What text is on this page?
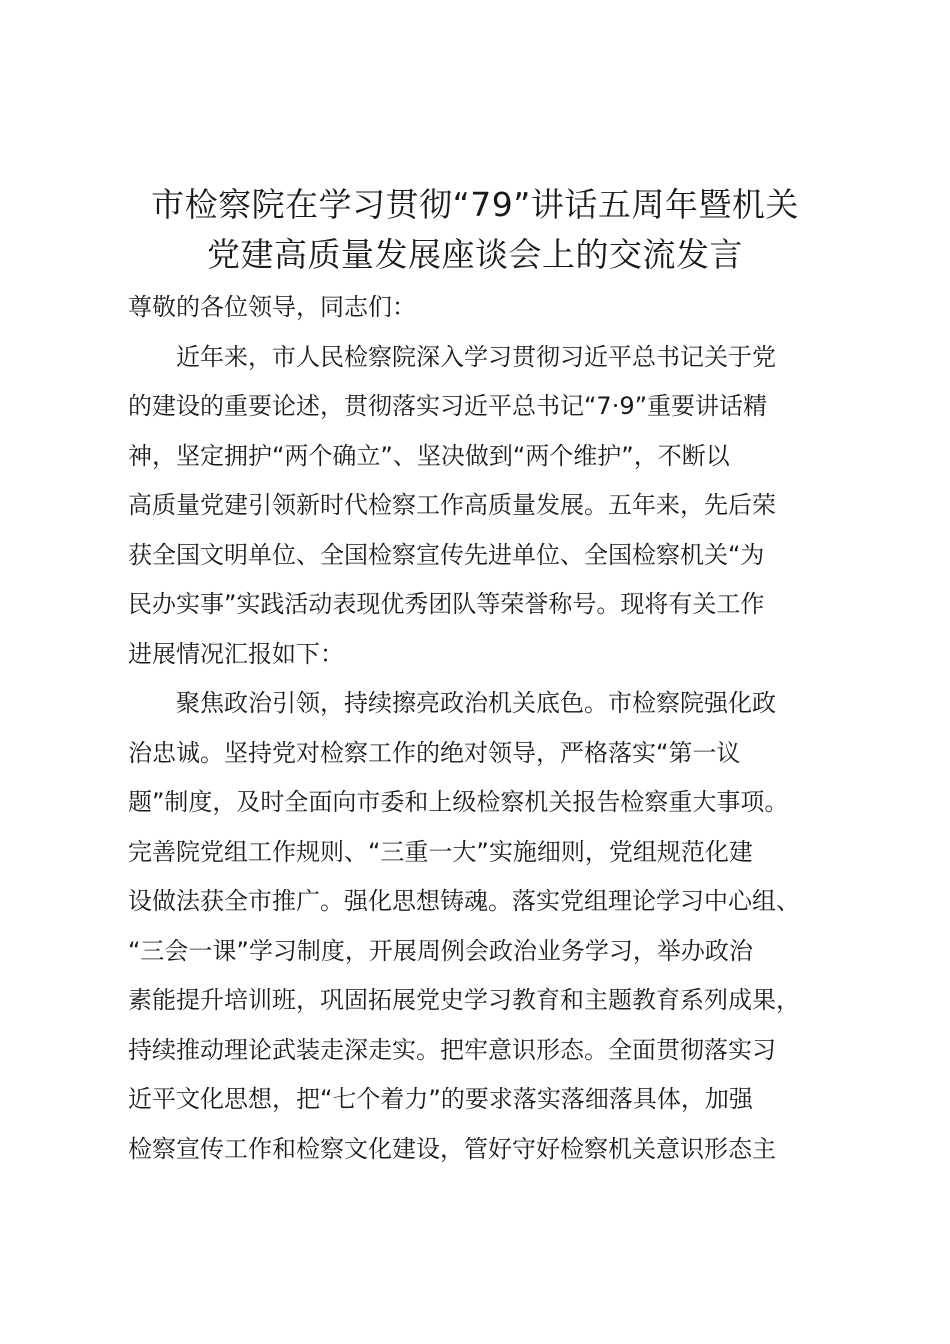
市检察院在学习贯彻“79”讲话五周年暨机关
党建高质量发展座谈会上的交流发言
尊敬的各位领导，同志们：
　　近年来，市人民检察院深入学习贯彻习近平总书记关于党
的建设的重要论述，贯彻落实习近平总书记“7·9”重要讲话精
神，坚定拥护“两个确立”、坚决做到“两个维护”，不断以
高质量党建引领新时代检察工作高质量发展。五年来，先后荣
获全国文明单位、全国检察宣传先进单位、全国检察机关“为
民办实事”实践活动表现优秀团队等荣誉称号。现将有关工作
进展情况汇报如下：
　　聚焦政治引领，持续擦亮政治机关底色。市检察院强化政
治忠诚。坚持党对检察工作的绝对领导，严格落实“第一议
题”制度，及时全面向市委和上级检察机关报告检察重大事项。
完善院党组工作规则、“三重一大”实施细则，党组规范化建
设做法获全市推广。强化思想铸魂。落实党组理论学习中心组、
“三会一课”学习制度，开展周例会政治业务学习，举办政治
素能提升培训班，巩固拓展党史学习教育和主题教育系列成果，
持续推动理论武装走深走实。把牢意识形态。全面贯彻落实习
近平文化思想，把“七个着力”的要求落实落细落具体，加强
检察宣传工作和检察文化建设，管好守好检察机关意识形态主
